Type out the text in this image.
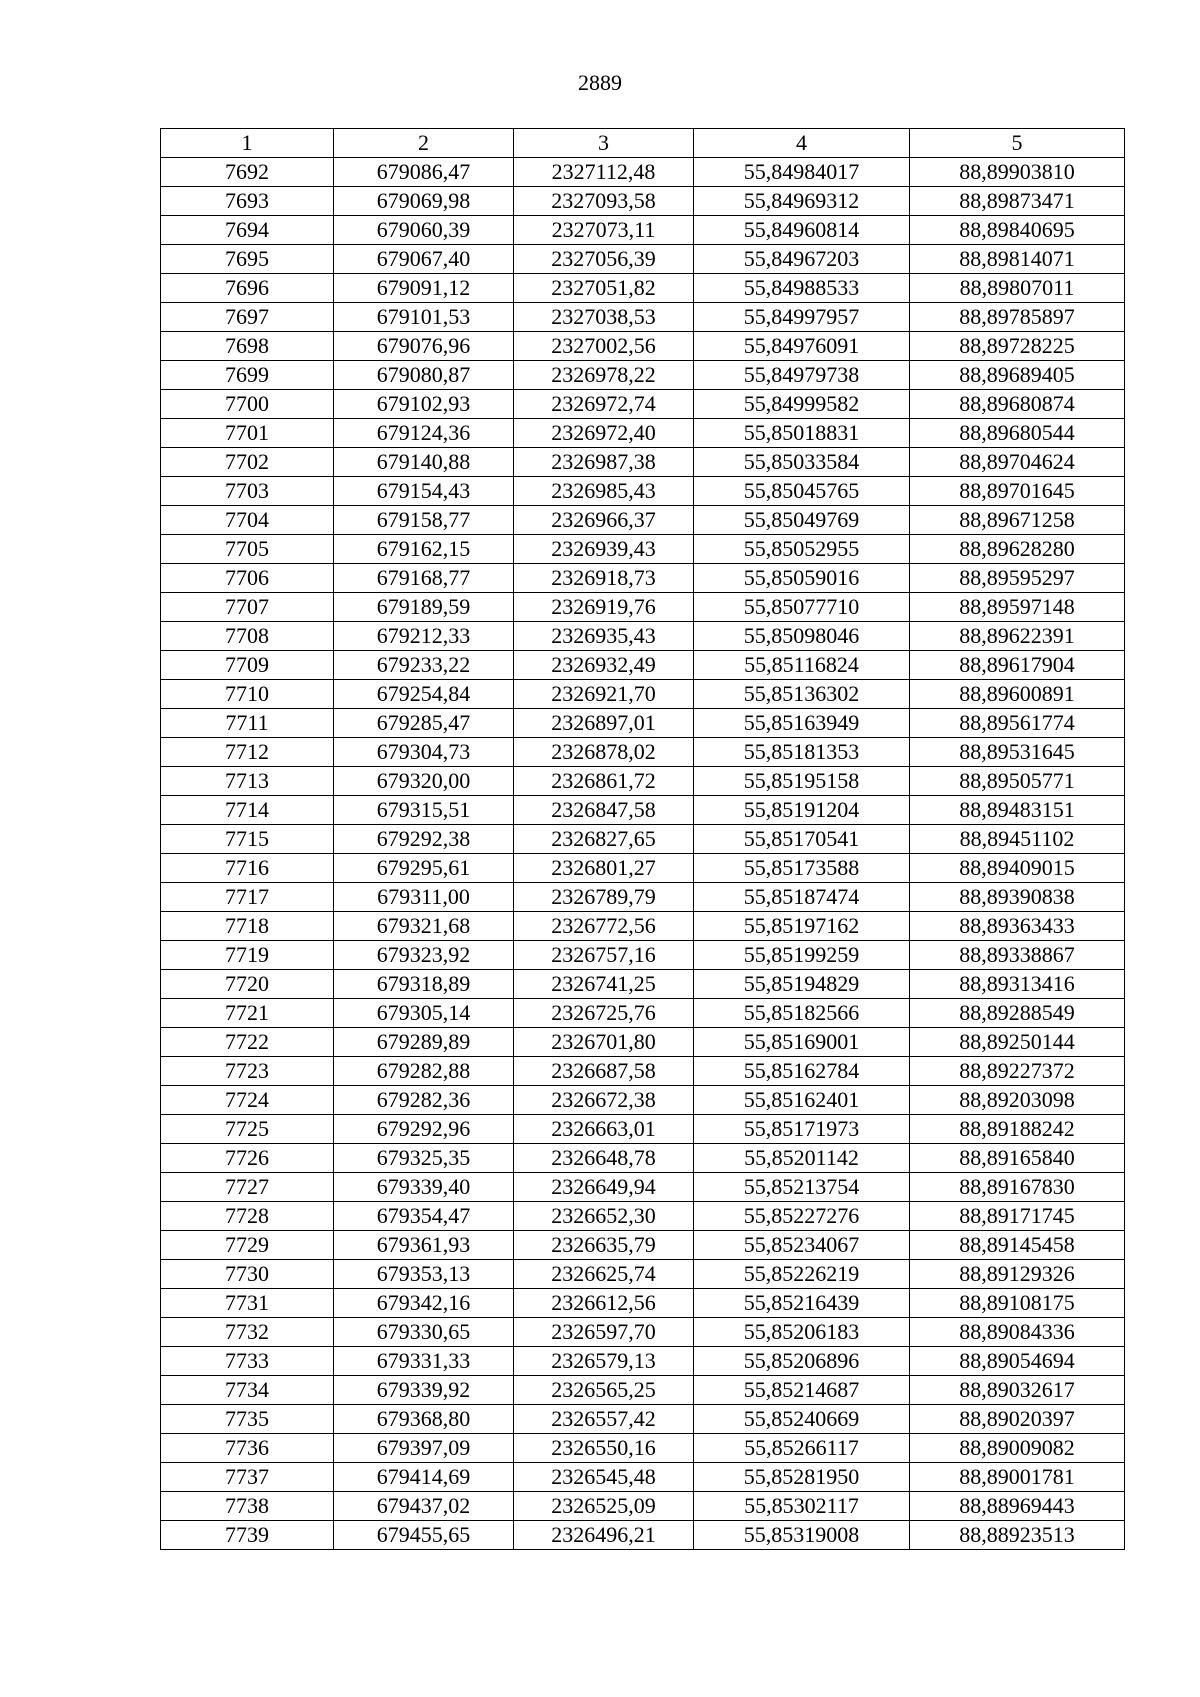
2889
1	2	3	4	5
7692	679086,47	2327112,48	55,84984017	88,89903810
7693	679069,98	2327093,58	55,84969312	88,89873471
7694	679060,39	2327073,11	55,84960814	88,89840695
7695	679067,40	2327056,39	55,84967203	88,89814071
7696	679091,12	2327051,82	55,84988533	88,89807011
7697	679101,53	2327038,53	55,84997957	88,89785897
7698	679076,96	2327002,56	55,84976091	88,89728225
7699	679080,87	2326978,22	55,84979738	88,89689405
7700	679102,93	2326972,74	55,84999582	88,89680874
7701	679124,36	2326972,40	55,85018831	88,89680544
7702	679140,88	2326987,38	55,85033584	88,89704624
7703	679154,43	2326985,43	55,85045765	88,89701645
7704	679158,77	2326966,37	55,85049769	88,89671258
7705	679162,15	2326939,43	55,85052955	88,89628280
7706	679168,77	2326918,73	55,85059016	88,89595297
7707	679189,59	2326919,76	55,85077710	88,89597148
7708	679212,33	2326935,43	55,85098046	88,89622391
7709	679233,22	2326932,49	55,85116824	88,89617904
7710	679254,84	2326921,70	55,85136302	88,89600891
7711	679285,47	2326897,01	55,85163949	88,89561774
7712	679304,73	2326878,02	55,85181353	88,89531645
7713	679320,00	2326861,72	55,85195158	88,89505771
7714	679315,51	2326847,58	55,85191204	88,89483151
7715	679292,38	2326827,65	55,85170541	88,89451102
7716	679295,61	2326801,27	55,85173588	88,89409015
7717	679311,00	2326789,79	55,85187474	88,89390838
7718	679321,68	2326772,56	55,85197162	88,89363433
7719	679323,92	2326757,16	55,85199259	88,89338867
7720	679318,89	2326741,25	55,85194829	88,89313416
7721	679305,14	2326725,76	55,85182566	88,89288549
7722	679289,89	2326701,80	55,85169001	88,89250144
7723	679282,88	2326687,58	55,85162784	88,89227372
7724	679282,36	2326672,38	55,85162401	88,89203098
7725	679292,96	2326663,01	55,85171973	88,89188242
7726	679325,35	2326648,78	55,85201142	88,89165840
7727	679339,40	2326649,94	55,85213754	88,89167830
7728	679354,47	2326652,30	55,85227276	88,89171745
7729	679361,93	2326635,79	55,85234067	88,89145458
7730	679353,13	2326625,74	55,85226219	88,89129326
7731	679342,16	2326612,56	55,85216439	88,89108175
7732	679330,65	2326597,70	55,85206183	88,89084336
7733	679331,33	2326579,13	55,85206896	88,89054694
7734	679339,92	2326565,25	55,85214687	88,89032617
7735	679368,80	2326557,42	55,85240669	88,89020397
7736	679397,09	2326550,16	55,85266117	88,89009082
7737	679414,69	2326545,48	55,85281950	88,89001781
7738	679437,02	2326525,09	55,85302117	88,88969443
7739	679455,65	2326496,21	55,85319008	88,88923513
